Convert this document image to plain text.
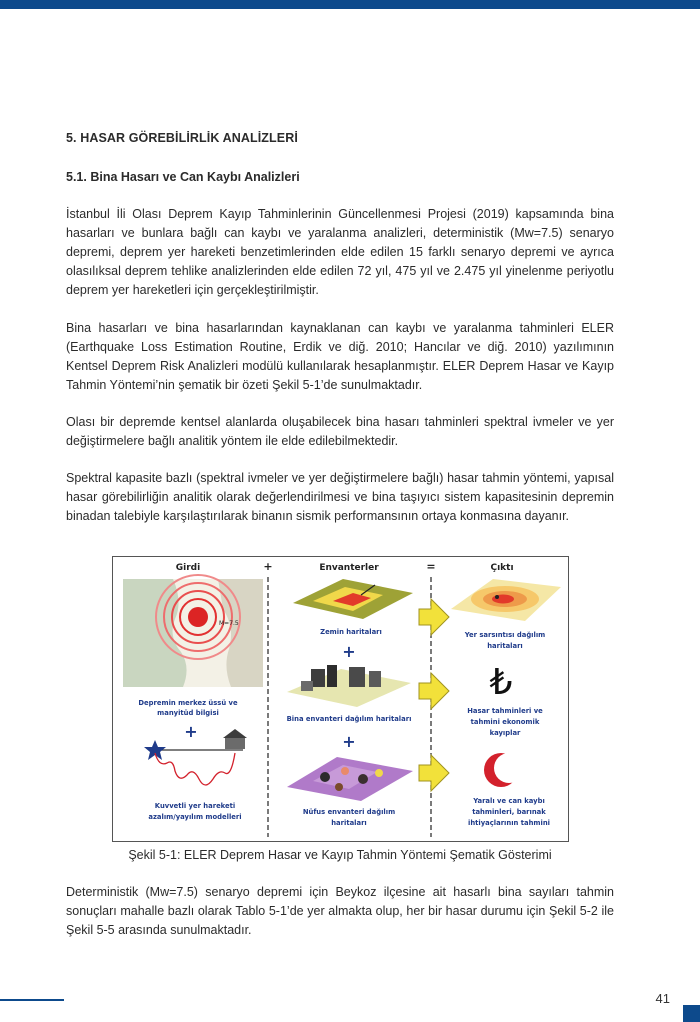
5. HASAR GÖREBİLİRLİK ANALİZLERİ
5.1. Bina Hasarı ve Can Kaybı Analizleri

İstanbul İli Olası Deprem Kayıp Tahminlerinin Güncellenmesi Projesi (2019) kapsamında bina hasarları ve bunlara bağlı can kaybı ve yaralanma analizleri, deterministik (Mw=7.5) senaryo depremi, deprem yer hareketi benzetimlerinden elde edilen 15 farklı senaryo depremi ve ayrıca olasılıksal deprem tehlike analizlerinden elde edilen 72 yıl, 475 yıl ve 2.475 yıl yinelenme periyotlu deprem yer hareketleri için gerçekleştirilmiştir.

Bina hasarları ve bina hasarlarından kaynaklanan can kaybı ve yaralanma tahminleri ELER (Earthquake Loss Estimation Routine, Erdik ve diğ. 2010; Hancılar ve diğ. 2010) yazılımının Kentsel Deprem Risk Analizleri modülü kullanılarak hesaplanmıştır. ELER Deprem Hasar ve Kayıp Tahmin Yöntemi’nin şematik bir özeti Şekil 5-1’de sunulmaktadır.

Olası bir depremde kentsel alanlarda oluşabilecek bina hasarı tahminleri spektral ivmeler ve yer değiştirmelere bağlı analitik yöntem ile elde edilebilmektedir.

Spektral kapasite bazlı (spektral ivmeler ve yer değiştirmelere bağlı) hasar tahmin yöntemi, yapısal hasar görebilirliğin analitik olarak değerlendirilmesi ve bina taşıyıcı sistem kapasitesinin depremin binadan talebiyle karşılaştırılarak binanın sismik performansının ortaya konmasına dayanır.

Girdi	+	Envanterler	=	Çıktı
M=7.5
Depremin merkez üssü ve
manyitüd bilgisi
+
Kuvvetli yer hareketi
azalım/yayılım modelleri
Zemin haritaları
+
Bina envanteri dağılım haritaları
+
Nüfus envanteri dağılım
haritaları
Yer sarsıntısı dağılım
haritaları
₺
Hasar tahminleri ve
tahmini ekonomik
kayıplar
Yaralı ve can kaybı
tahminleri, barınak
ihtiyaçlarının tahmini
Şekil 5-1: ELER Deprem Hasar ve Kayıp Tahmin Yöntemi Şematik Gösterimi

Deterministik (Mw=7.5) senaryo depremi için Beykoz ilçesine ait hasarlı bina sayıları tahmin sonuçları mahalle bazlı olarak Tablo 5-1’de yer almakta olup, her bir hasar durumu için Şekil 5-2 ile Şekil 5-5 arasında sunulmaktadır.

41
